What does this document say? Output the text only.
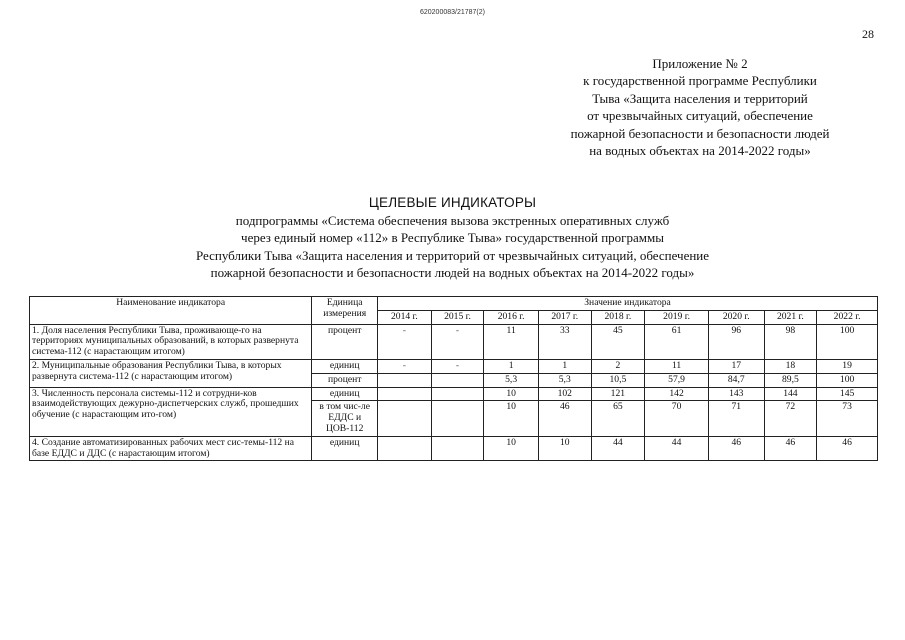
620200083/21787(2)
28
Приложение № 2
к государственной программе Республики
Тыва «Защита населения и территорий
от чрезвычайных ситуаций, обеспечение
пожарной безопасности и безопасности людей
на водных объектах на 2014-2022 годы»
ЦЕЛЕВЫЕ ИНДИКАТОРЫ
подпрограммы «Система обеспечения вызова экстренных оперативных служб
через единый номер «112» в Республике Тыва» государственной программы
Республики Тыва «Защита населения и территорий от чрезвычайных ситуаций, обеспечение
пожарной безопасности и безопасности людей на водных объектах на 2014-2022 годы»
Наименование индикатора	Единица измерения	Значение индикатора								
		2014 г.	2015 г.	2016 г.	2017 г.	2018 г.	2019 г.	2020 г.	2021 г.	2022 г.
1. Доля населения Республики Тыва, проживающе-го на территориях муниципальных образований, в которых развернута система-112 (с нарастающим итогом)	процент	-	-	11	33	45	61	96	98	100
2. Муниципальные образования Республики Тыва, в которых развернута система-112 (с нарастающим итогом)	единиц	-	-	1	1	2	11	17	18	19
	процент			5,3	5,3	10,5	57,9	84,7	89,5	100
3. Численность персонала системы-112 и сотрудни-ков взаимодействующих дежурно-диспетчерских служб, прошедших обучение (с нарастающим ито-гом)	единиц			10	102	121	142	143	144	145
	в том чис-ле ЕДДС и ЦОВ-112			10	46	65	70	71	72	73
4. Создание автоматизированных рабочих мест сис-темы-112 на базе ЕДДС и ДДС (с нарастающим итогом)	единиц			10	10	44	44	46	46	46
